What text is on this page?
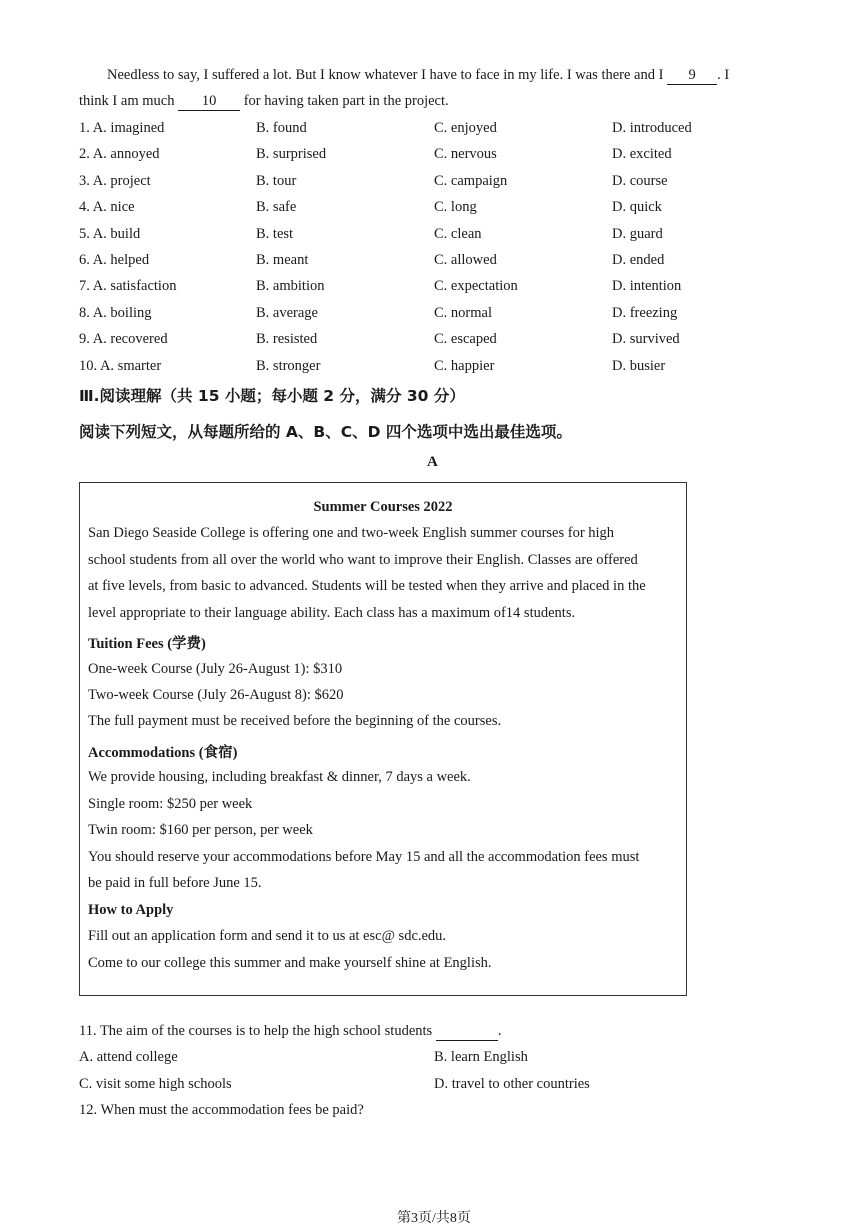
Needless to say, I suffered a lot. But I know whatever I have to face in my life. I was there and I 9 . I
think I am much 10 for having taken part in the project.
1. A. imagined	B. found	C. enjoyed	D. introduced
2. A. annoyed	B. surprised	C. nervous	D. excited
3. A. project	B. tour	C. campaign	D. course
4. A. nice	B. safe	C. long	D. quick
5. A. build	B. test	C. clean	D. guard
6. A. helped	B. meant	C. allowed	D. ended
7. A. satisfaction	B. ambition	C. expectation	D. intention
8. A. boiling	B. average	C. normal	D. freezing
9. A. recovered	B. resisted	C. escaped	D. survived
10. A. smarter	B. stronger	C. happier	D. busier
Ⅲ.阅读理解（共 15 小题；每小题 2 分，满分 30 分）
阅读下列短文，从每题所给的 A、B、C、D 四个选项中选出最佳选项。
A
Summer Courses 2022
San Diego Seaside College is offering one and two-week English summer courses for high
school students from all over the world who want to improve their English. Classes are offered
at five levels, from basic to advanced. Students will be tested when they arrive and placed in the
level appropriate to their language ability. Each class has a maximum of14 students.
Tuition Fees (学费)
One-week Course (July 26-August 1): $310
Two-week Course (July 26-August 8): $620
The full payment must be received before the beginning of the courses.
Accommodations (食宿)
We provide housing, including breakfast & dinner, 7 days a week.
Single room: $250 per week
Twin room: $160 per person, per week
You should reserve your accommodations before May 15 and all the accommodation fees must
be paid in full before June 15.
How to Apply
Fill out an application form and send it to us at esc@ sdc.edu.
Come to our college this summer and make yourself shine at English.
11. The aim of the courses is to help the high school students	.
A. attend college	B. learn English
C. visit some high schools	D. travel to other countries
12. When must the accommodation fees be paid?
第3页/共8页
